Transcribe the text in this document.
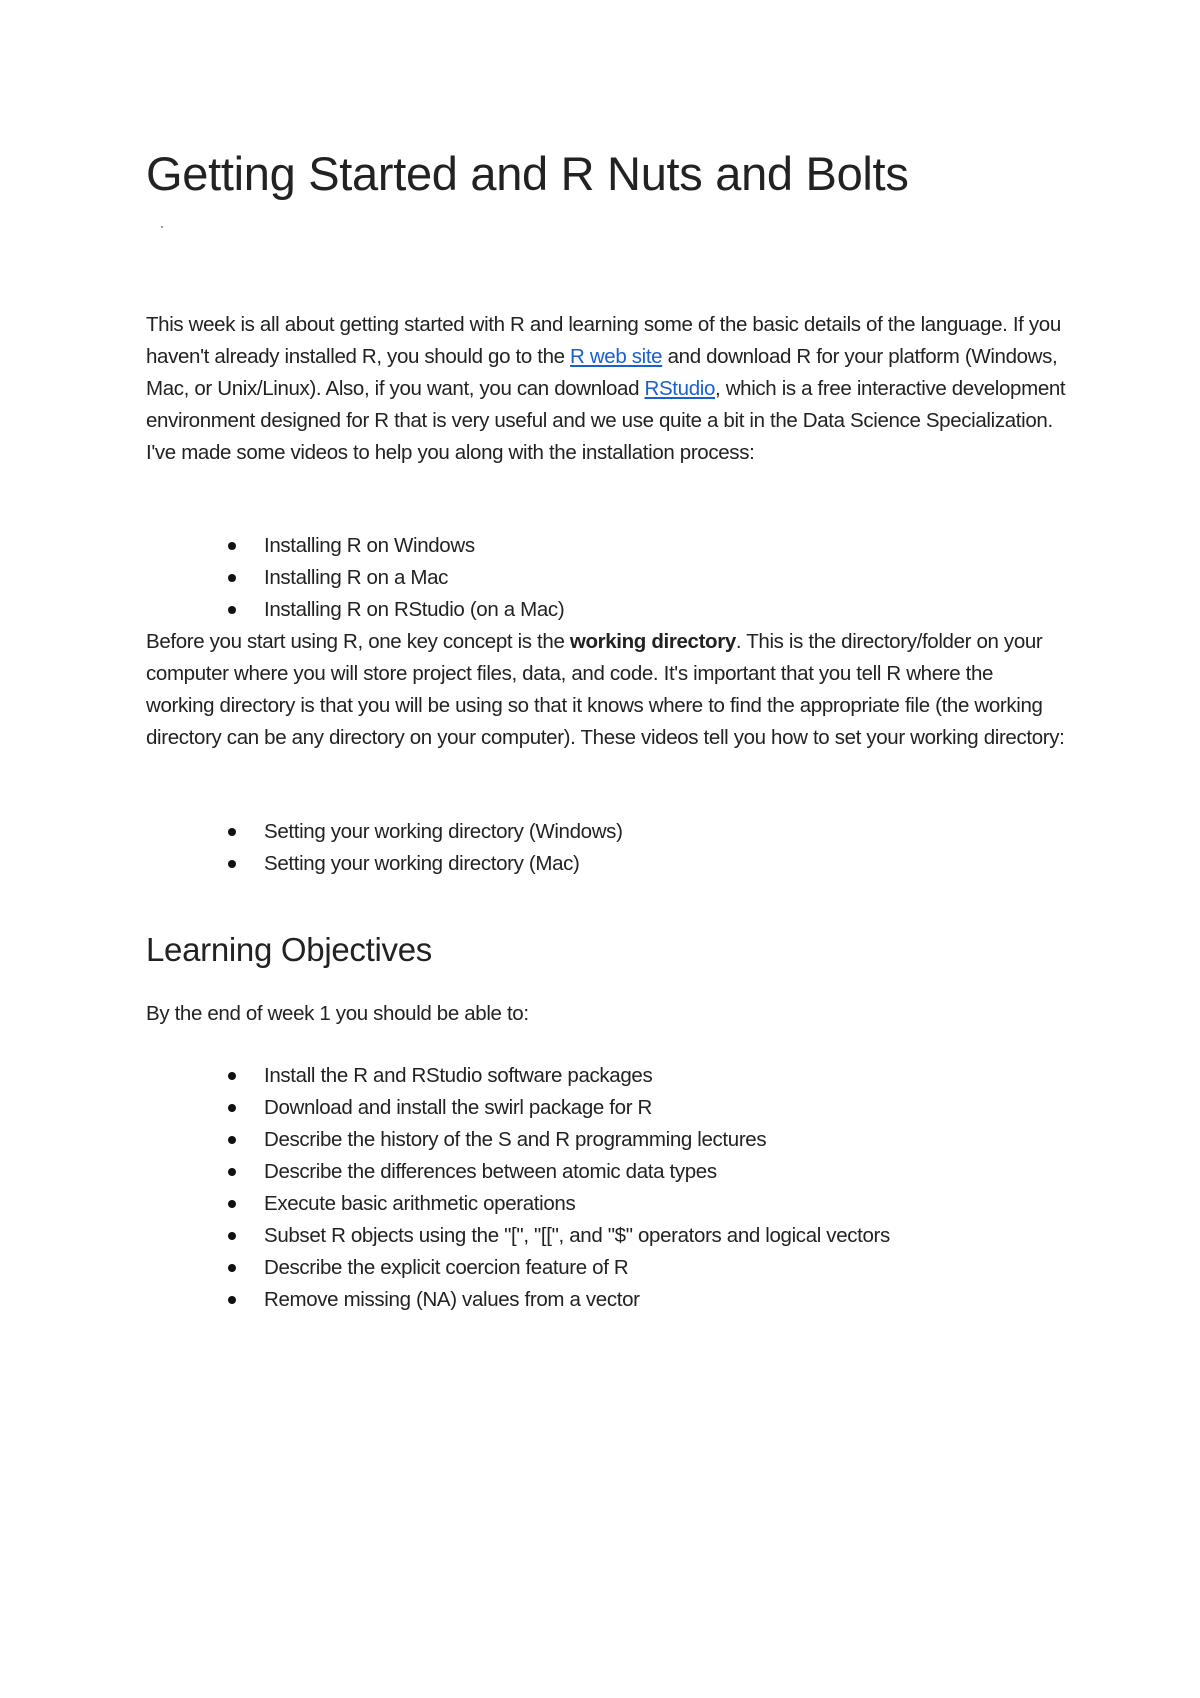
Getting Started and R Nuts and Bolts

This week is all about getting started with R and learning some of the basic details of the language. If you haven't already installed R, you should go to the R web site and download R for your platform (Windows, Mac, or Unix/Linux). Also, if you want, you can download RStudio, which is a free interactive development environment designed for R that is very useful and we use quite a bit in the Data Science Specialization. I've made some videos to help you along with the installation process:

Installing R on Windows
Installing R on a Mac
Installing R on RStudio (on a Mac)

Before you start using R, one key concept is the working directory. This is the directory/folder on your computer where you will store project files, data, and code. It's important that you tell R where the working directory is that you will be using so that it knows where to find the appropriate file (the working directory can be any directory on your computer). These videos tell you how to set your working directory:

Setting your working directory (Windows)
Setting your working directory (Mac)
Learning Objectives

By the end of week 1 you should be able to:

Install the R and RStudio software packages
Download and install the swirl package for R
Describe the history of the S and R programming lectures
Describe the differences between atomic data types
Execute basic arithmetic operations
Subset R objects using the "[", "[[", and "$" operators and logical vectors
Describe the explicit coercion feature of R
Remove missing (NA) values from a vector
